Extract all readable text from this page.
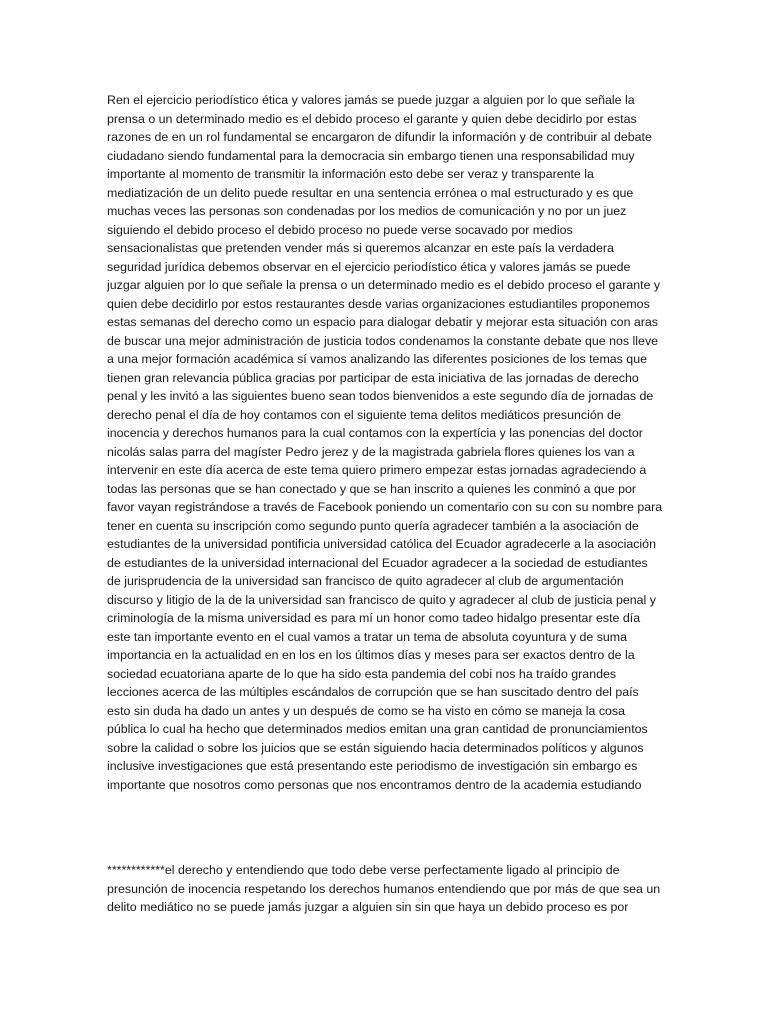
Ren el ejercicio periodístico ética y valores jamás se puede juzgar a alguien por lo que señale la prensa o un determinado medio es el debido proceso el garante y quien debe decidirlo por estas razones de en un rol fundamental se encargaron de difundir la información y de contribuir al debate ciudadano siendo fundamental para la democracia sin embargo tienen una responsabilidad muy importante al momento de transmitir la información esto debe ser veraz y transparente la mediatización de un delito puede resultar en una sentencia errónea o mal estructurado y es que muchas veces las personas son condenadas por los medios de comunicación y no por un juez siguiendo el debido proceso el debido proceso no puede verse socavado por medios sensacionalistas que pretenden vender más si queremos alcanzar en este país la verdadera seguridad jurídica debemos observar en el ejercicio periodístico ética y valores jamás se puede juzgar alguien por lo que señale la prensa o un determinado medio es el debido proceso el garante y quien debe decidirlo por estos restaurantes desde varias organizaciones estudiantiles proponemos estas semanas del derecho como un espacio para dialogar debatir y mejorar esta situación con aras de buscar una mejor administración de justicia todos condenamos la constante debate que nos lleve a una mejor formación académica sí vamos analizando las diferentes posiciones de los temas que tienen gran relevancia pública gracias por participar de esta iniciativa de las jornadas de derecho penal y les invitó a las siguientes bueno sean todos bienvenidos a este segundo día de jornadas de derecho penal el día de hoy contamos con el siguiente tema delitos mediáticos presunción de inocencia y derechos humanos para la cual contamos con la expertícia y las ponencias del doctor nicolás salas parra del magíster Pedro jerez y de la magistrada gabriela flores quienes los van a intervenir en este día acerca de este tema quiero primero empezar estas jornadas agradeciendo a todas las personas que se han conectado y que se han inscrito a quienes les conminó a que por favor vayan registrándose a través de Facebook poniendo un comentario con su con su nombre para tener en cuenta su inscripción como segundo punto quería agradecer también a la asociación de estudiantes de la universidad pontificia universidad católica del Ecuador agradecerle a la asociación de estudiantes de la universidad internacional del Ecuador agradecer a la sociedad de estudiantes de jurisprudencia de la universidad san francisco de quito agradecer al club de argumentación discurso y litigio de la de la universidad san francisco de quito y agradecer al club de justicia penal y criminología de la misma universidad es para mí un honor como tadeo hidalgo presentar este día este tan importante evento en el cual vamos a tratar un tema de absoluta coyuntura y de suma importancia en la actualidad en en los en los últimos días y meses para ser exactos dentro de la sociedad ecuatoriana aparte de lo que ha sido esta pandemia del cobi nos ha traído grandes lecciones acerca de las múltiples escándalos de corrupción que se han suscitado dentro del país esto sin duda ha dado un antes y un después de como se ha visto en cómo se maneja la cosa pública lo cual ha hecho que determinados medios emitan una gran cantidad de pronunciamientos sobre la calidad o sobre los juicios que se están siguiendo hacia determinados políticos y algunos inclusive investigaciones que está presentando este periodismo de investigación sin embargo es importante que nosotros como personas que nos encontramos dentro de la academia estudiando

************el derecho y entendiendo que todo debe verse perfectamente ligado al principio de presunción de inocencia respetando los derechos humanos entendiendo que por más de que sea un delito mediático no se puede jamás juzgar a alguien sin sin que haya un debido proceso es por
